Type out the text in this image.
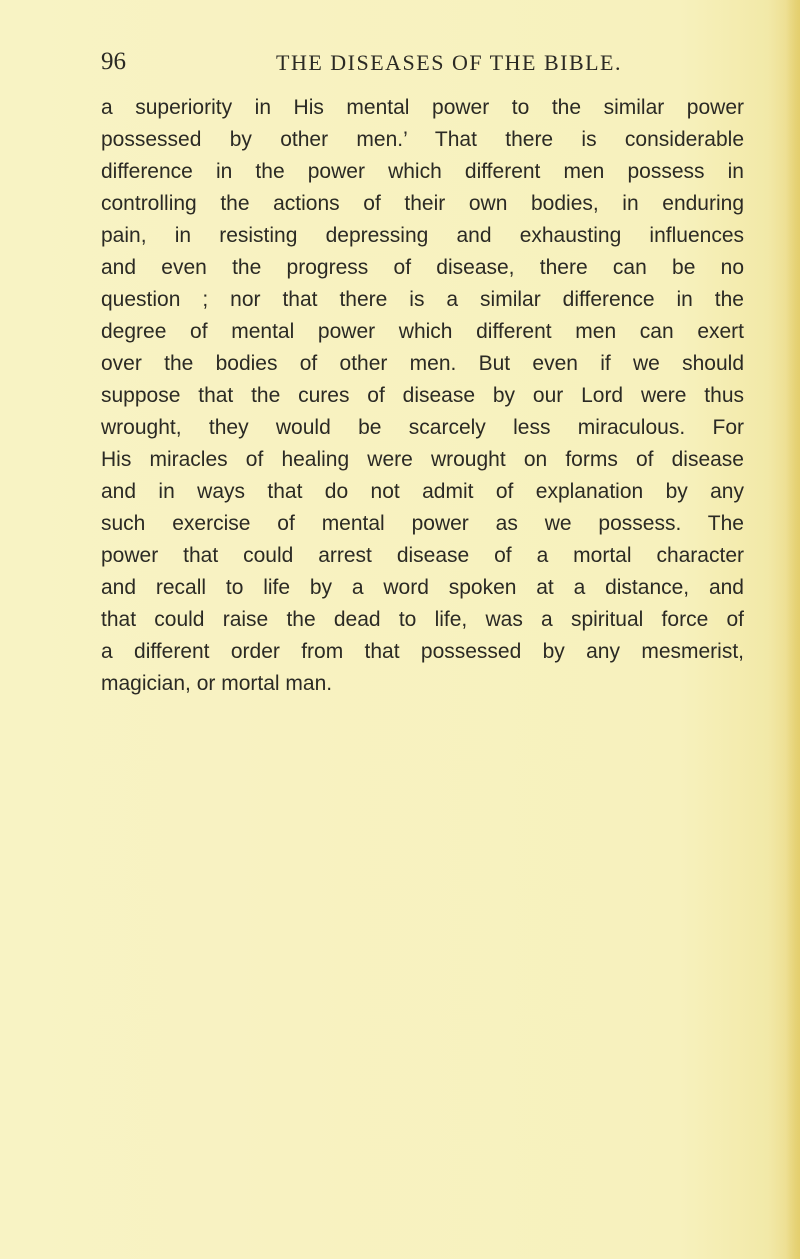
96	THE DISEASES OF THE BIBLE.
a superiority in His mental power to the similar power
possessed by other men.’ That there is considerable
difference in the power which different men possess in
controlling the actions of their own bodies, in enduring
pain, in resisting depressing and exhausting influences
and even the progress of disease, there can be no
question ; nor that there is a similar difference in the
degree of mental power which different men can exert
over the bodies of other men. But even if we should
suppose that the cures of disease by our Lord were thus
wrought, they would be scarcely less miraculous. For
His miracles of healing were wrought on forms of disease
and in ways that do not admit of explanation by any
such exercise of mental power as we possess. The
power that could arrest disease of a mortal character
and recall to life by a word spoken at a distance, and
that could raise the dead to life, was a spiritual force of
a different order from that possessed by any mesmerist,
magician, or mortal man.
